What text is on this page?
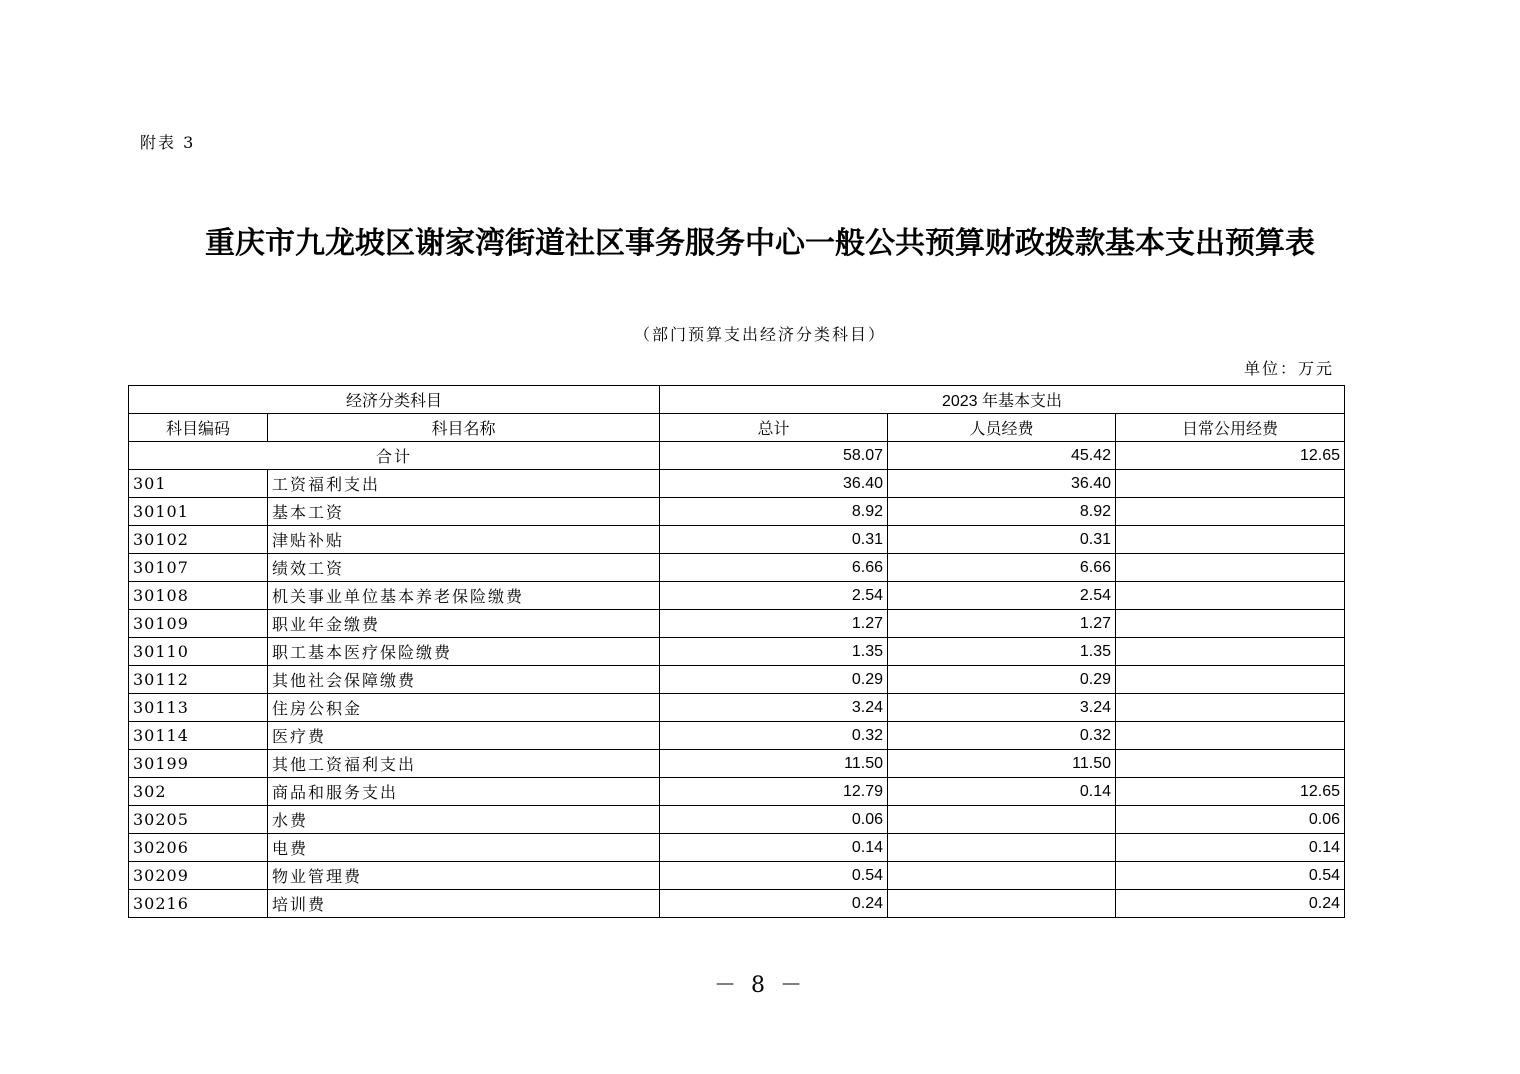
附表 3
重庆市九龙坡区谢家湾街道社区事务服务中心一般公共预算财政拨款基本支出预算表
（部门预算支出经济分类科目）
单位：万元
经济分类科目		2023 年基本支出		
科目编码	科目名称	总计	人员经费	日常公用经费
合计		58.07	45.42	12.65
301	工资福利支出	36.40	36.40	
30101	基本工资	8.92	8.92	
30102	津贴补贴	0.31	0.31	
30107	绩效工资	6.66	6.66	
30108	机关事业单位基本养老保险缴费	2.54	2.54	
30109	职业年金缴费	1.27	1.27	
30110	职工基本医疗保险缴费	1.35	1.35	
30112	其他社会保障缴费	0.29	0.29	
30113	住房公积金	3.24	3.24	
30114	医疗费	0.32	0.32	
30199	其他工资福利支出	11.50	11.50	
302	商品和服务支出	12.79	0.14	12.65
30205	水费	0.06		0.06
30206	电费	0.14		0.14
30209	物业管理费	0.54		0.54
30216	培训费	0.24		0.24
－ 8 －
